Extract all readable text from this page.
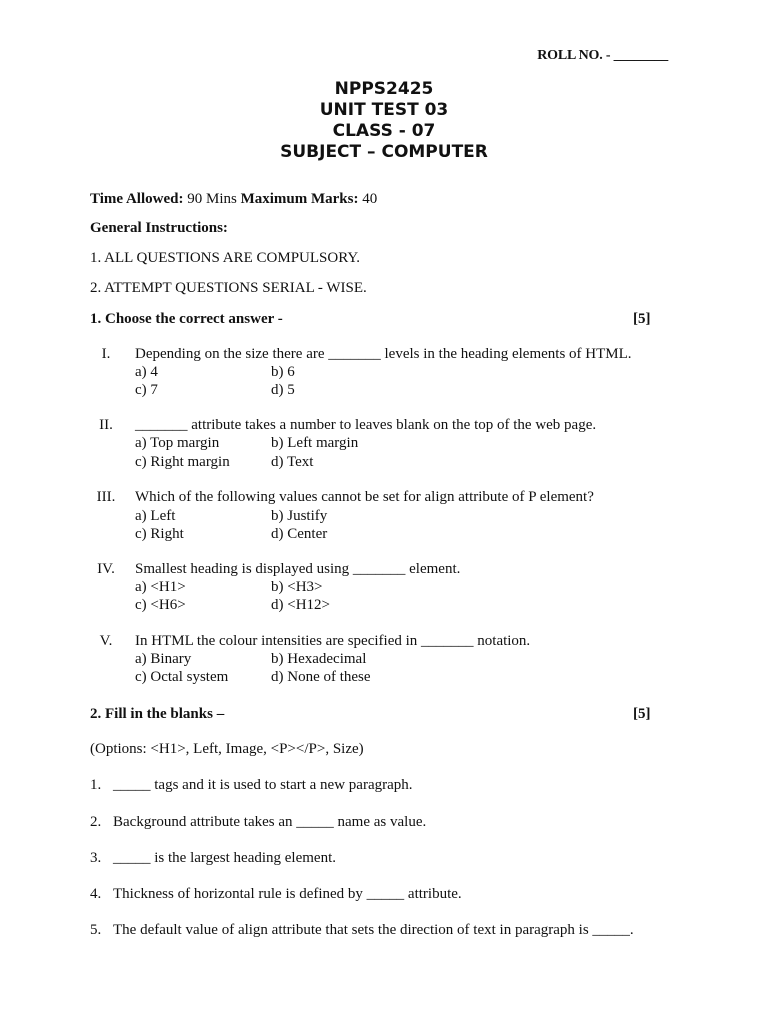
ROLL NO. - ________
NPPS2425
UNIT TEST 03
CLASS - 07
SUBJECT – COMPUTER
Time Allowed: 90 Mins Maximum Marks: 40
General Instructions:
1. ALL QUESTIONS ARE COMPULSORY.
2. ATTEMPT QUESTIONS SERIAL - WISE.
1. Choose the correct answer -	[5]
I.	Depending on the size there are _______ levels in the heading elements of HTML.
a) 4	b) 6
c) 7	d) 5
II.	_______ attribute takes a number to leaves blank on the top of the web page.
a) Top margin	b) Left margin
c) Right margin	d) Text
III.	Which of the following values cannot be set for align attribute of P element?
a) Left	b) Justify
c) Right	d) Center
IV.	Smallest heading is displayed using _______ element.
a) <H1>	b) <H3>
c) <H6>	d) <H12>
V.	In HTML the colour intensities are specified in _______ notation.
a) Binary	b) Hexadecimal
c) Octal system	d) None of these
2. Fill in the blanks –	[5]
(Options: <H1>, Left, Image, <P></P>, Size)
1. _____ tags and it is used to start a new paragraph.
2. Background attribute takes an _____ name as value.
3. _____ is the largest heading element.
4. Thickness of horizontal rule is defined by _____ attribute.
5. The default value of align attribute that sets the direction of text in paragraph is _____.
